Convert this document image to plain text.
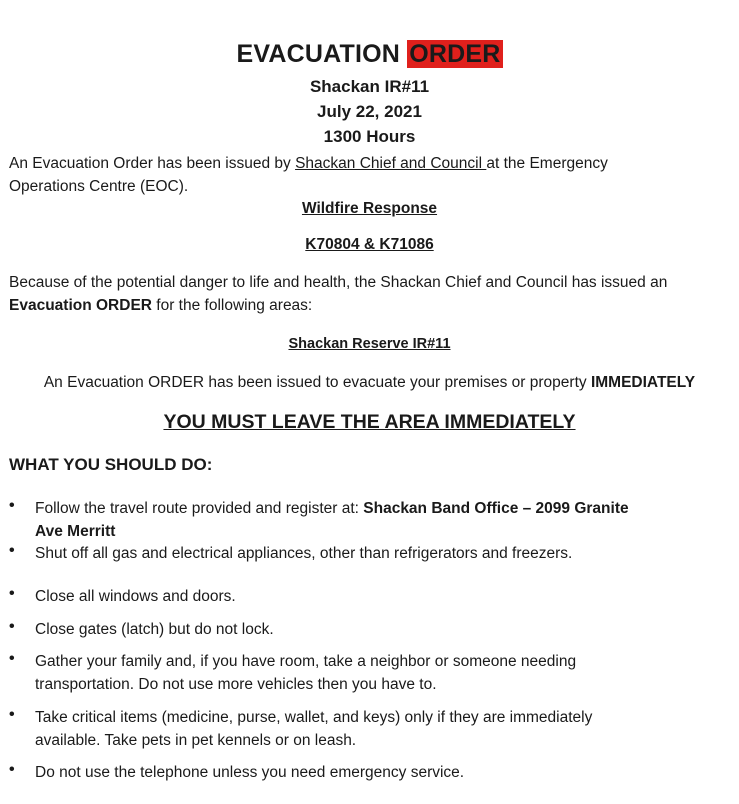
EVACUATION ORDER
Shackan IR#11
July 22, 2021
1300 Hours
An Evacuation Order has been issued by Shackan Chief and Council at the Emergency
Operations Centre (EOC).
Wildfire Response
K70804 & K71086
Because of the potential danger to life and health, the Shackan Chief and Council has issued an
Evacuation ORDER for the following areas:
Shackan Reserve IR#11
An Evacuation ORDER has been issued to evacuate your premises or property IMMEDIATELY
YOU MUST LEAVE THE AREA IMMEDIATELY
WHAT YOU SHOULD DO:
• Follow the travel route provided and register at: Shackan Band Office – 2099 Granite
Ave Merritt
• Shut off all gas and electrical appliances, other than refrigerators and freezers.
• Close all windows and doors.
• Close gates (latch) but do not lock.
• Gather your family and, if you have room, take a neighbor or someone needing
transportation. Do not use more vehicles then you have to.
• Take critical items (medicine, purse, wallet, and keys) only if they are immediately
available. Take pets in pet kennels or on leash.
• Do not use the telephone unless you need emergency service.
